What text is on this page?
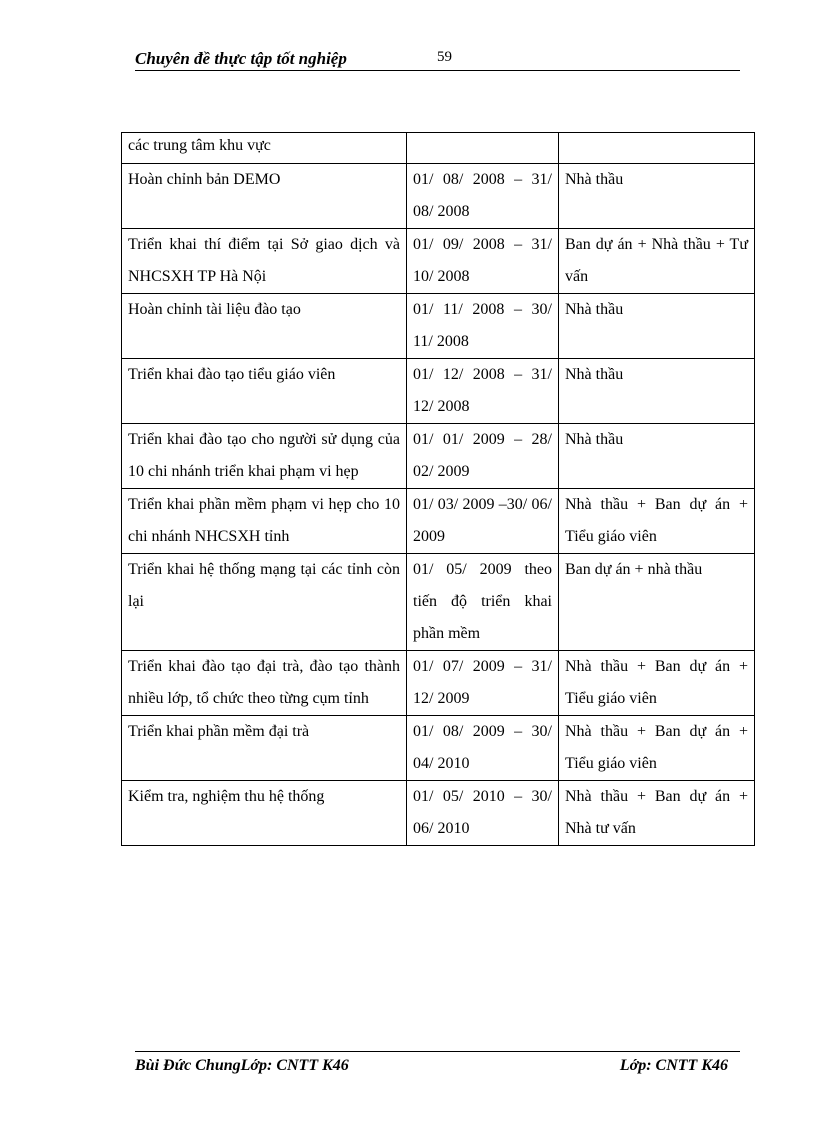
Chuyên đề thực tập tốt nghiệp	59
các trung tâm khu vực		
Hoàn chỉnh bản DEMO	01/ 08/ 2008 – 31/ 08/ 2008	Nhà thầu
Triển khai thí điểm tại Sở giao dịch và NHCSXH TP Hà Nội	01/ 09/ 2008 – 31/ 10/ 2008	Ban dự án + Nhà thầu + Tư vấn
Hoàn chỉnh tài liệu đào tạo	01/ 11/ 2008 – 30/ 11/ 2008	Nhà thầu
Triển khai đào tạo tiểu giáo viên	01/ 12/ 2008 – 31/ 12/ 2008	Nhà thầu
Triển khai đào tạo cho người sử dụng của 10 chi nhánh triển khai phạm vi hẹp	01/ 01/ 2009 – 28/ 02/ 2009	Nhà thầu
Triển khai phần mềm phạm vi hẹp cho 10 chi nhánh NHCSXH tỉnh	01/ 03/ 2009 –30/ 06/ 2009	Nhà thầu + Ban dự án + Tiểu giáo viên
Triển khai hệ thống mạng tại các tỉnh còn lại	01/ 05/ 2009 theo tiến độ triển khai phần mềm	Ban dự án + nhà thầu
Triển khai đào tạo đại trà, đào tạo thành nhiều lớp, tổ chức theo từng cụm tỉnh	01/ 07/ 2009 – 31/ 12/ 2009	Nhà thầu + Ban dự án + Tiểu giáo viên
Triển khai phần mềm đại trà	01/ 08/ 2009 – 30/ 04/ 2010	Nhà thầu + Ban dự án + Tiểu giáo viên
Kiểm tra, nghiệm thu hệ thống	01/ 05/ 2010 – 30/ 06/ 2010	Nhà thầu + Ban dự án + Nhà tư vấn
Bùi Đức ChungLớp: CNTT K46	Lớp: CNTT K46
